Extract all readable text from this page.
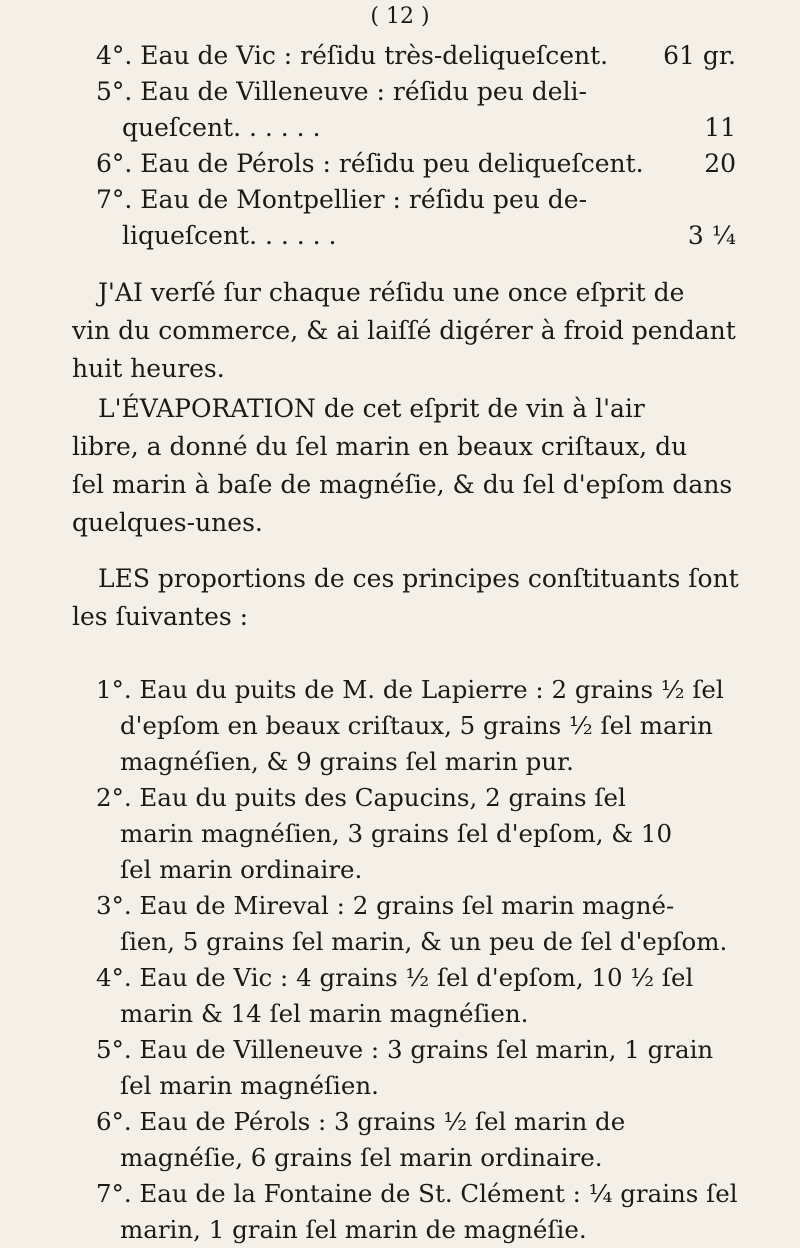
( 12 )
4°. Eau de Vic : réſidu très-deliqueſcent.	61 gr.
5°. Eau de Villeneuve : réſidu peu deli-
queſcent. . . . . .	11
6°. Eau de Pérols : réſidu peu deliqueſcent.	20
7°. Eau de Montpellier : réſidu peu de-
liqueſcent. . . . . .	3 ¼
J'AI verſé ſur chaque réſidu une once eſprit de
vin du commerce, & ai laiſſé digérer à froid pendant
huit heures.
L'ÉVAPORATION de cet eſprit de vin à l'air
libre, a donné du ſel marin en beaux criſtaux, du
ſel marin à baſe de magnéſie, & du ſel d'epſom dans
quelques-unes.
LES proportions de ces principes conſtituants ſont
les ſuivantes :
1°. Eau du puits de M. de Lapierre : 2 grains ½ ſel
d'epſom en beaux criſtaux, 5 grains ½ ſel marin
magnéſien, & 9 grains ſel marin pur.
2°. Eau du puits des Capucins, 2 grains ſel
marin magnéſien, 3 grains ſel d'epſom, & 10
ſel marin ordinaire.
3°. Eau de Mireval : 2 grains ſel marin magné-
ſien, 5 grains ſel marin, & un peu de ſel d'epſom.
4°. Eau de Vic : 4 grains ½ ſel d'epſom, 10 ½ ſel
marin & 14 ſel marin magnéſien.
5°. Eau de Villeneuve : 3 grains ſel marin, 1 grain
ſel marin magnéſien.
6°. Eau de Pérols : 3 grains ½ ſel marin de
magnéſie, 6 grains ſel marin ordinaire.
7°. Eau de la Fontaine de St. Clément : ¼ grains ſel
marin, 1 grain ſel marin de magnéſie.
